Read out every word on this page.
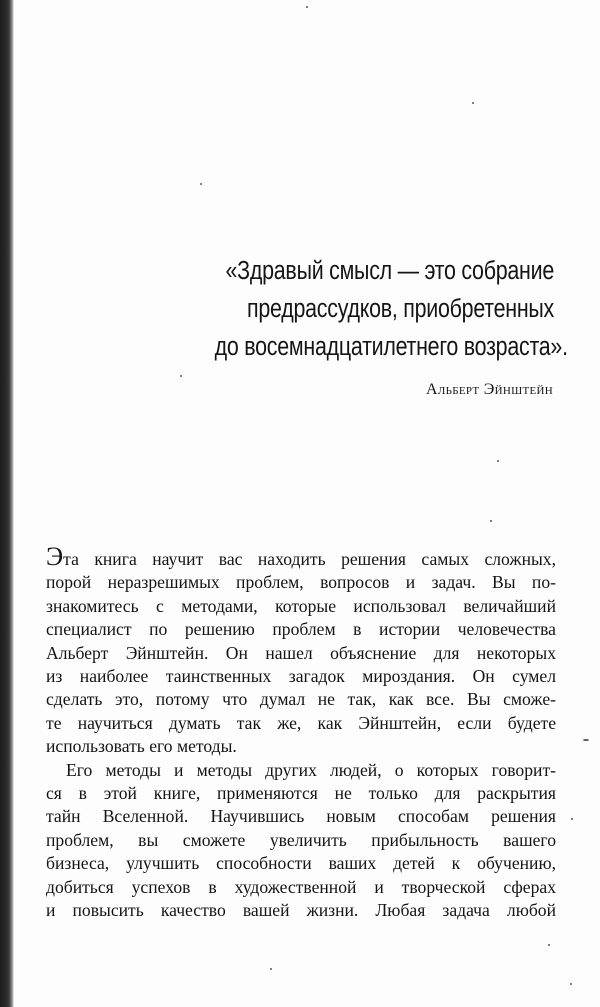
«Здравый смысл — это собрание
предрассудков, приобретенных
до восемнадцатилетнего возраста».
Альберт Эйнштейн
Эта книга научит вас находить решения самых сложных,
порой неразрешимых проблем, вопросов и задач. Вы по-
знакомитесь с методами, которые использовал величайший
специалист по решению проблем в истории человечества
Альберт Эйнштейн. Он нашел объяснение для некоторых
из наиболее таинственных загадок мироздания. Он сумел
сделать это, потому что думал не так, как все. Вы сможе-
те научиться думать так же, как Эйнштейн, если будете
использовать его методы.
Его методы и методы других людей, о которых говорит-
ся в этой книге, применяются не только для раскрытия
тайн Вселенной. Научившись новым способам решения
проблем, вы сможете увеличить прибыльность вашего
бизнеса, улучшить способности ваших детей к обучению,
добиться успехов в художественной и творческой сферах
и повысить качество вашей жизни. Любая задача любой
